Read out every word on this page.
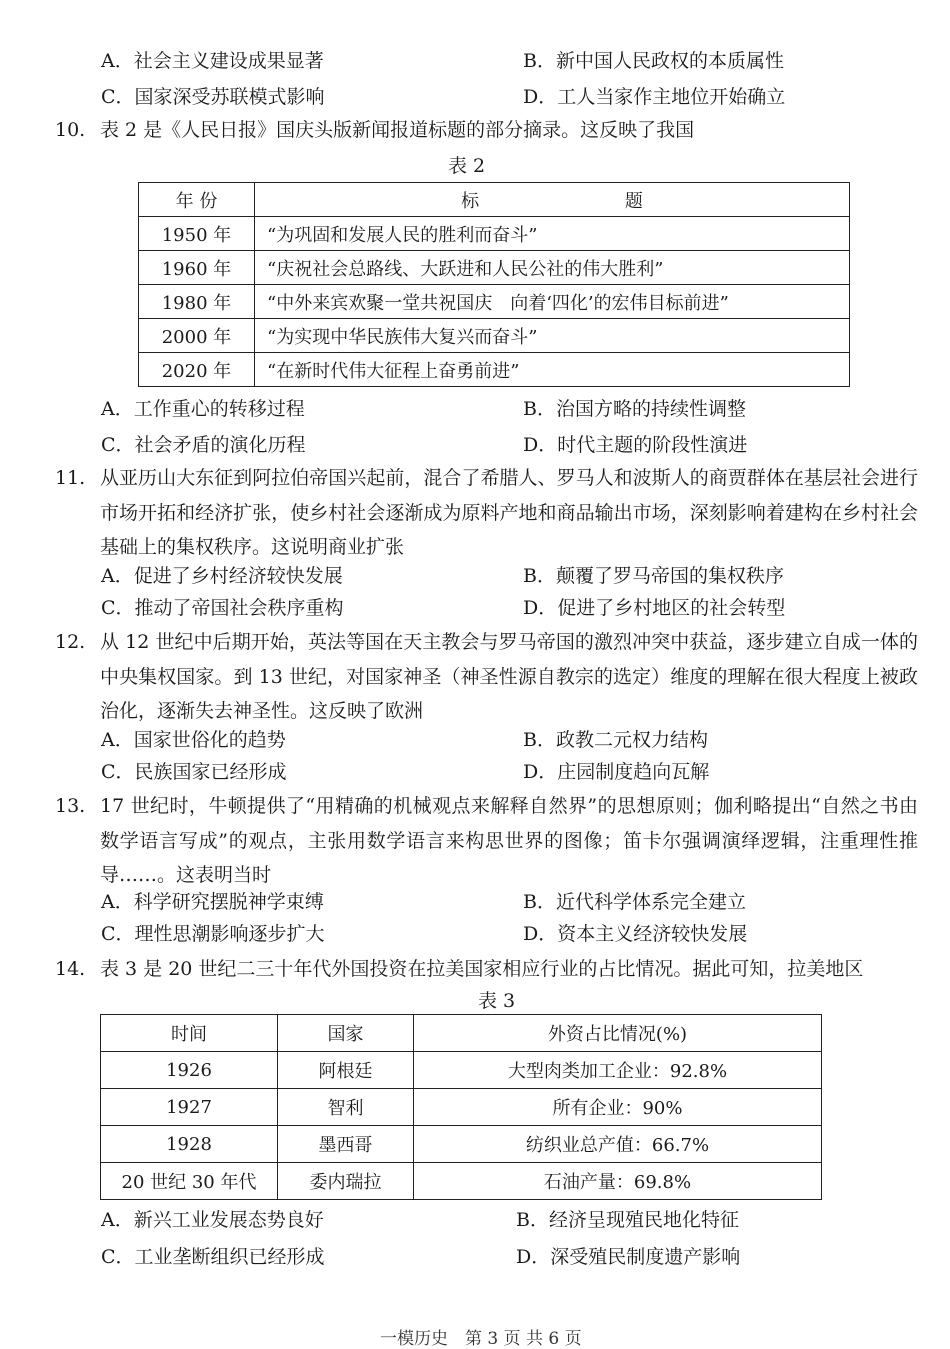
A．社会主义建设成果显著	B．新中国人民政权的本质属性
C．国家深受苏联模式影响	D．工人当家作主地位开始确立
10. 表 2 是《人民日报》国庆头版新闻报道标题的部分摘录。这反映了我国
表 2
年 份	标 题
1950 年	“为巩固和发展人民的胜利而奋斗”
1960 年	“庆祝社会总路线、大跃进和人民公社的伟大胜利”
1980 年	“中外来宾欢聚一堂共祝国庆　向着‘四化’的宏伟目标前进”
2000 年	“为实现中华民族伟大复兴而奋斗”
2020 年	“在新时代伟大征程上奋勇前进”
A．工作重心的转移过程	B．治国方略的持续性调整
C．社会矛盾的演化历程	D．时代主题的阶段性演进
11. 从亚历山大东征到阿拉伯帝国兴起前，混合了希腊人、罗马人和波斯人的商贾群体在基层社会进行市场开拓和经济扩张，使乡村社会逐渐成为原料产地和商品输出市场，深刻影响着建构在乡村社会基础上的集权秩序。这说明商业扩张
A．促进了乡村经济较快发展	B．颠覆了罗马帝国的集权秩序
C．推动了帝国社会秩序重构	D．促进了乡村地区的社会转型
12. 从 12 世纪中后期开始，英法等国在天主教会与罗马帝国的激烈冲突中获益，逐步建立自成一体的中央集权国家。到 13 世纪，对国家神圣（神圣性源自教宗的选定）维度的理解在很大程度上被政治化，逐渐失去神圣性。这反映了欧洲
A．国家世俗化的趋势	B．政教二元权力结构
C．民族国家已经形成	D．庄园制度趋向瓦解
13. 17 世纪时，牛顿提供了“用精确的机械观点来解释自然界”的思想原则；伽利略提出“自然之书由数学语言写成”的观点，主张用数学语言来构思世界的图像；笛卡尔强调演绎逻辑，注重理性推导……。这表明当时
A．科学研究摆脱神学束缚	B．近代科学体系完全建立
C．理性思潮影响逐步扩大	D．资本主义经济较快发展
14. 表 3 是 20 世纪二三十年代外国投资在拉美国家相应行业的占比情况。据此可知，拉美地区
表 3
时间	国家	外资占比情况(%)
1926	阿根廷	大型肉类加工企业：92.8%
1927	智利	所有企业：90%
1928	墨西哥	纺织业总产值：66.7%
20 世纪 30 年代	委内瑞拉	石油产量：69.8%
A．新兴工业发展态势良好	B．经济呈现殖民地化特征
C．工业垄断组织已经形成	D．深受殖民制度遗产影响
一模历史　第 3 页 共 6 页
